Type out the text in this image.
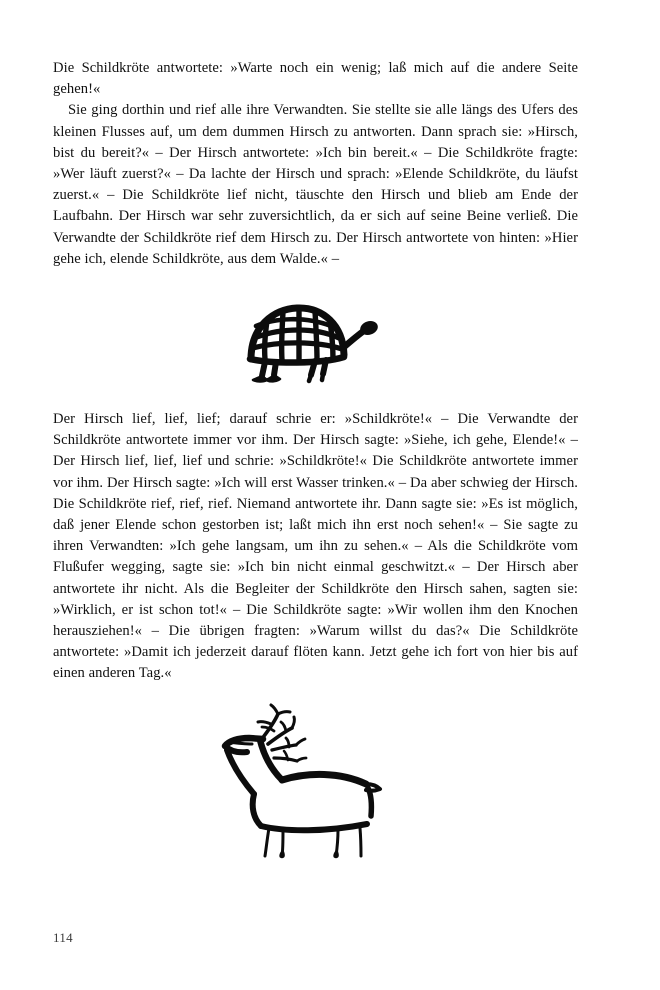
Die Schildkröte antwortete: »Warte noch ein wenig; laß mich auf die andere Seite gehen!«

Sie ging dorthin und rief alle ihre Verwandten. Sie stellte sie alle längs des Ufers des kleinen Flusses auf, um dem dummen Hirsch zu antworten. Dann sprach sie: »Hirsch, bist du bereit?« – Der Hirsch antwortete: »Ich bin bereit.« – Die Schildkröte fragte: »Wer läuft zuerst?« – Da lachte der Hirsch und sprach: »Elende Schildkröte, du läufst zuerst.« – Die Schildkröte lief nicht, täuschte den Hirsch und blieb am Ende der Laufbahn. Der Hirsch war sehr zuversichtlich, da er sich auf seine Beine verließ. Die Verwandte der Schildkröte rief dem Hirsch zu. Der Hirsch antwortete von hinten: »Hier gehe ich, elende Schildkröte, aus dem Walde.« –

Der Hirsch lief, lief, lief; darauf schrie er: »Schildkröte!« – Die Verwandte der Schildkröte antwortete immer vor ihm. Der Hirsch sagte: »Siehe, ich gehe, Elende!« – Der Hirsch lief, lief, lief und schrie: »Schildkröte!« Die Schildkröte antwortete immer vor ihm. Der Hirsch sagte: »Ich will erst Wasser trinken.« – Da aber schwieg der Hirsch. Die Schildkröte rief, rief, rief. Niemand antwortete ihr. Dann sagte sie: »Es ist möglich, daß jener Elende schon gestorben ist; laßt mich ihn erst noch sehen!« – Sie sagte zu ihren Verwandten: »Ich gehe langsam, um ihn zu sehen.« – Als die Schildkröte vom Flußufer wegging, sagte sie: »Ich bin nicht einmal geschwitzt.« – Der Hirsch aber antwortete ihr nicht. Als die Begleiter der Schildkröte den Hirsch sahen, sagten sie: »Wirklich, er ist schon tot!« – Die Schildkröte sagte: »Wir wollen ihm den Knochen herausziehen!« – Die übrigen fragten: »Warum willst du das?« Die Schildkröte antwortete: »Damit ich jederzeit darauf flöten kann. Jetzt gehe ich fort von hier bis auf einen anderen Tag.«

114
